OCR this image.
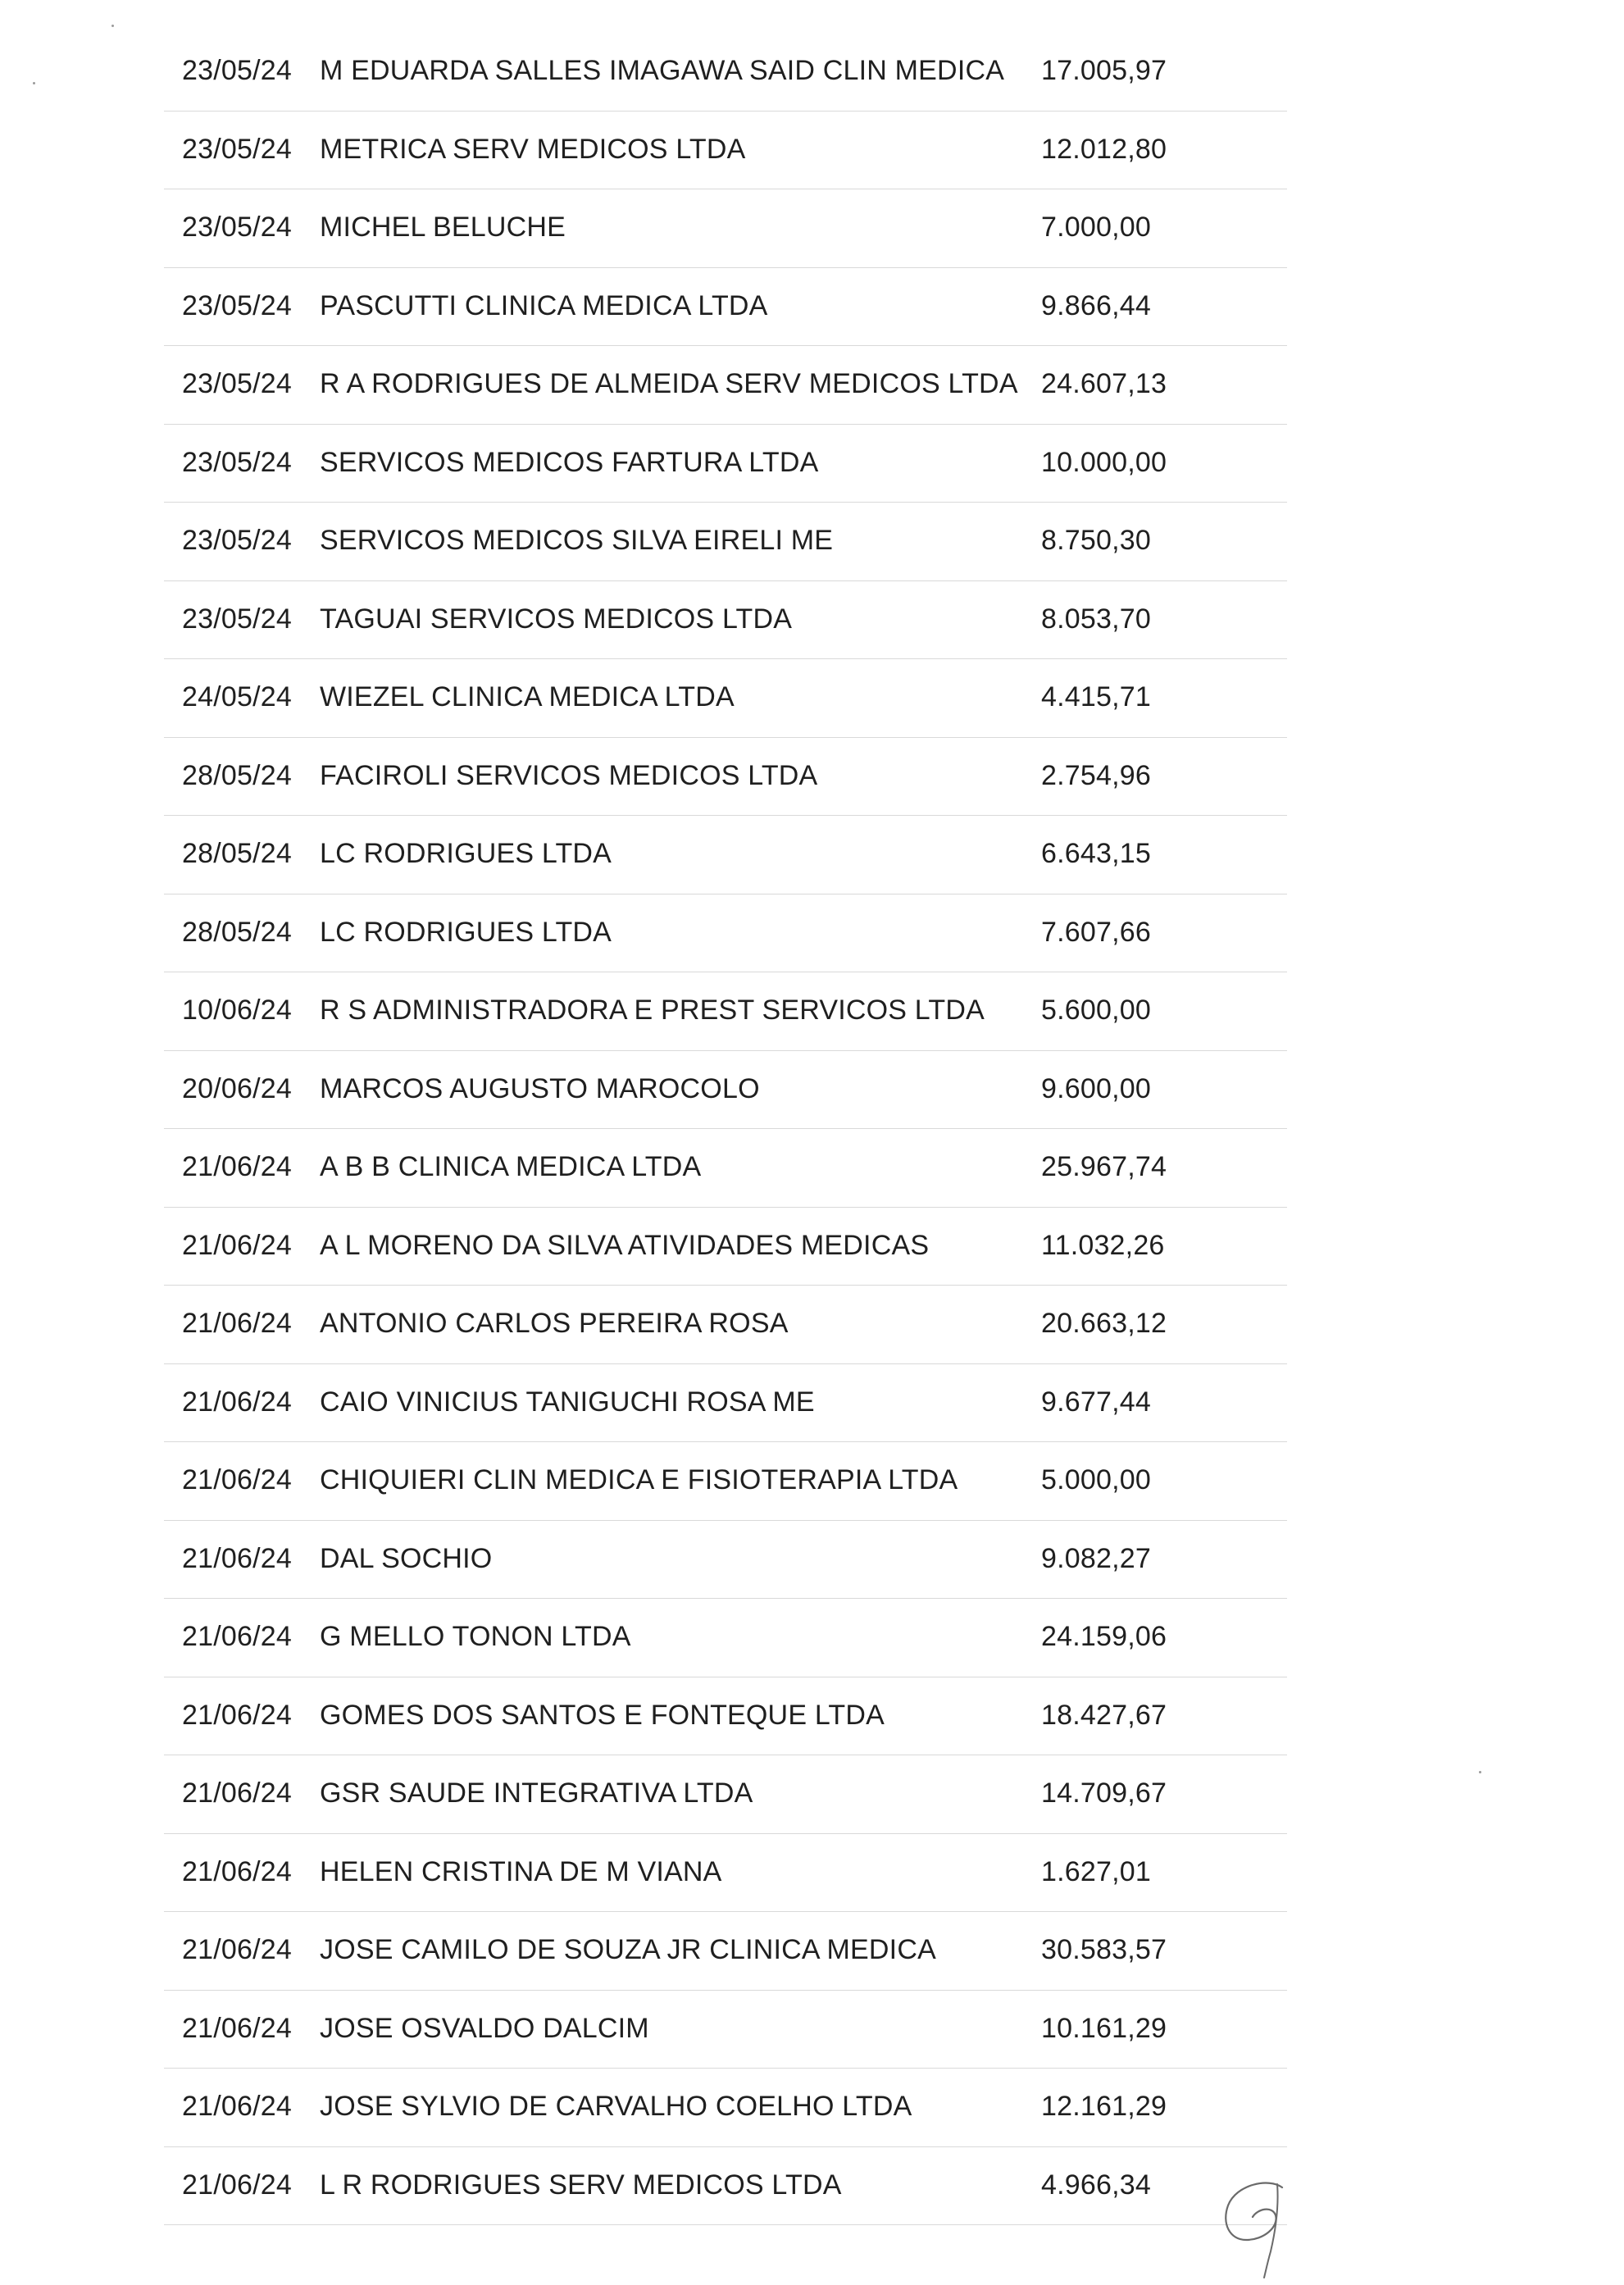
23/05/24 M EDUARDA SALLES IMAGAWA SAID CLIN MEDICA 17.005,97
23/05/24 METRICA SERV MEDICOS LTDA	12.012,80
23/05/24 MICHEL BELUCHE	7.000,00
23/05/24 PASCUTTI CLINICA MEDICA LTDA	9.866,44
23/05/24 R A RODRIGUES DE ALMEIDA SERV MEDICOS LTDA 24.607,13
23/05/24 SERVICOS MEDICOS FARTURA LTDA	10.000,00
23/05/24 SERVICOS MEDICOS SILVA EIRELI ME	8.750,30
23/05/24 TAGUAI SERVICOS MEDICOS LTDA	8.053,70
24/05/24 WIEZEL CLINICA MEDICA LTDA	4.415,71
28/05/24 FACIROLI SERVICOS MEDICOS LTDA	2.754,96
28/05/24 LC RODRIGUES LTDA	6.643,15
28/05/24 LC RODRIGUES LTDA	7.607,66
10/06/24 R S ADMINISTRADORA E PREST SERVICOS LTDA 5.600,00
20/06/24 MARCOS AUGUSTO MAROCOLO	9.600,00
21/06/24 A B B CLINICA MEDICA LTDA	25.967,74
21/06/24 A L MORENO DA SILVA ATIVIDADES MEDICAS	11.032,26
21/06/24 ANTONIO CARLOS PEREIRA ROSA	20.663,12
21/06/24 CAIO VINICIUS TANIGUCHI ROSA ME	9.677,44
21/06/24 CHIQUIERI CLIN MEDICA E FISIOTERAPIA LTDA	5.000,00
21/06/24 DAL SOCHIO	9.082,27
21/06/24 G MELLO TONON LTDA	24.159,06
21/06/24 GOMES DOS SANTOS E FONTEQUE LTDA	18.427,67
21/06/24 GSR SAUDE INTEGRATIVA LTDA	14.709,67
21/06/24 HELEN CRISTINA DE M VIANA	1.627,01
21/06/24 JOSE CAMILO DE SOUZA JR CLINICA MEDICA	30.583,57
21/06/24 JOSE OSVALDO DALCIM	10.161,29
21/06/24 JOSE SYLVIO DE CARVALHO COELHO LTDA	12.161,29
21/06/24 L R RODRIGUES SERV MEDICOS LTDA	4.966,34
